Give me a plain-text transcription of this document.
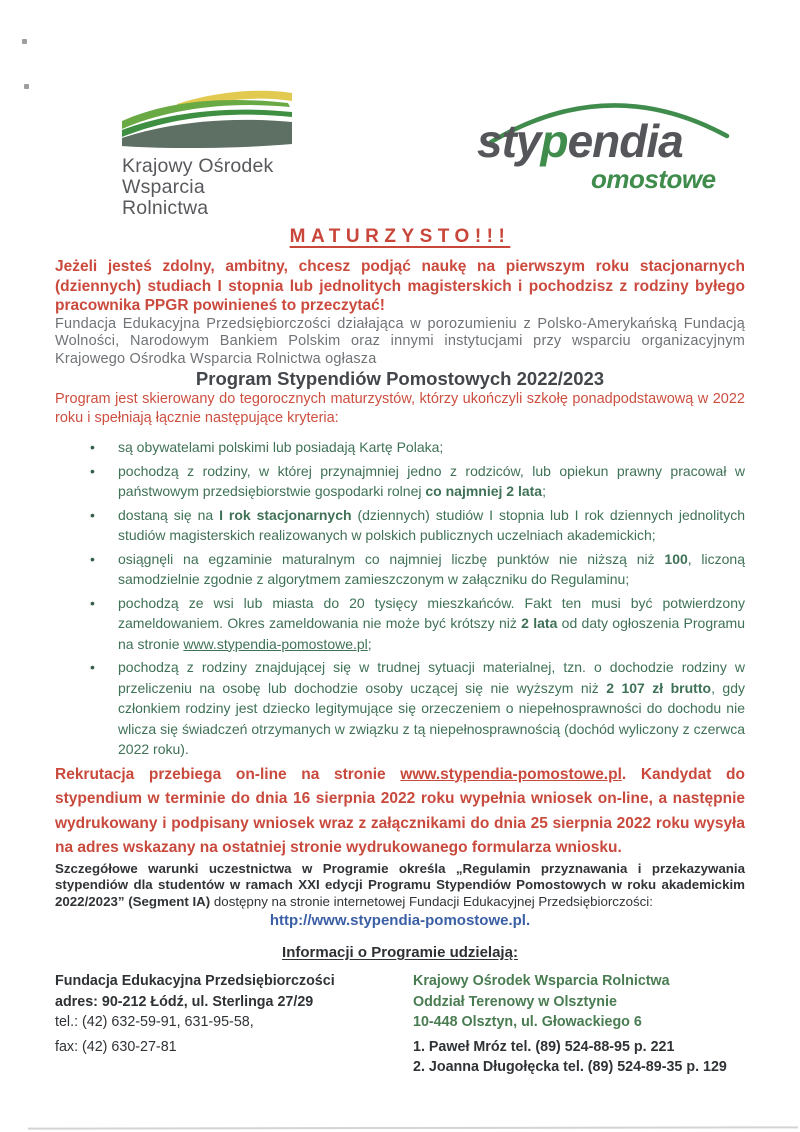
Krajowy Ośrodek
Wsparcia Rolnictwa
stypendia
omostowe
MATURZYSTO!!!

Jeżeli jesteś zdolny, ambitny, chcesz podjąć naukę na pierwszym roku stacjonarnych (dziennych) studiach I stopnia lub jednolitych magisterskich i pochodzisz z rodziny byłego pracownika PPGR powinieneś to przeczytać!

Fundacja Edukacyjna Przedsiębiorczości działająca w porozumieniu z Polsko-Amerykańską Fundacją Wolności, Narodowym Bankiem Polskim oraz innymi instytucjami przy wsparciu organizacyjnym Krajowego Ośrodka Wsparcia Rolnictwa ogłasza

Program Stypendiów Pomostowych 2022/2023

Program jest skierowany do tegorocznych maturzystów, którzy ukończyli szkołę ponadpodstawową w 2022 roku i spełniają łącznie następujące kryteria:

• są obywatelami polskimi lub posiadają Kartę Polaka;
• pochodzą z rodziny, w której przynajmniej jedno z rodziców, lub opiekun prawny pracował w państwowym przedsiębiorstwie gospodarki rolnej co najmniej 2 lata;
• dostaną się na I rok stacjonarnych (dziennych) studiów I stopnia lub I rok dziennych jednolitych studiów magisterskich realizowanych w polskich publicznych uczelniach akademickich;
• osiągnęli na egzaminie maturalnym co najmniej liczbę punktów nie niższą niż 100, liczoną samodzielnie zgodnie z algorytmem zamieszczonym w załączniku do Regulaminu;
• pochodzą ze wsi lub miasta do 20 tysięcy mieszkańców. Fakt ten musi być potwierdzony zameldowaniem. Okres zameldowania nie może być krótszy niż 2 lata od daty ogłoszenia Programu na stronie www.stypendia-pomostowe.pl;
• pochodzą z rodziny znajdującej się w trudnej sytuacji materialnej, tzn. o dochodzie rodziny w przeliczeniu na osobę lub dochodzie osoby uczącej się nie wyższym niż 2 107 zł brutto, gdy członkiem rodziny jest dziecko legitymujące się orzeczeniem o niepełnosprawności do dochodu nie wlicza się świadczeń otrzymanych w związku z tą niepełnosprawnością (dochód wyliczony z czerwca 2022 roku).

Rekrutacja przebiega on-line na stronie www.stypendia-pomostowe.pl. Kandydat do stypendium w terminie do dnia 16 sierpnia 2022 roku wypełnia wniosek on-line, a następnie wydrukowany i podpisany wniosek wraz z załącznikami do dnia 25 sierpnia 2022 roku wysyła na adres wskazany na ostatniej stronie wydrukowanego formularza wniosku.

Szczegółowe warunki uczestnictwa w Programie określa „Regulamin przyznawania i przekazywania stypendiów dla studentów w ramach XXI edycji Programu Stypendiów Pomostowych w roku akademickim 2022/2023” (Segment IA) dostępny na stronie internetowej Fundacji Edukacyjnej Przedsiębiorczości:

http://www.stypendia-pomostowe.pl.
Informacji o Programie udzielają:
Fundacja Edukacyjna Przedsiębiorczości
adres: 90-212 Łódź, ul. Sterlinga 27/29
tel.: (42) 632-59-91, 631-95-58,
fax: (42) 630-27-81
Krajowy Ośrodek Wsparcia Rolnictwa
Oddział Terenowy w Olsztynie
10-448 Olsztyn, ul. Głowackiego 6
1. Paweł Mróz tel. (89) 524-88-95 p. 221
2. Joanna Długołęcka tel. (89) 524-89-35 p. 129
